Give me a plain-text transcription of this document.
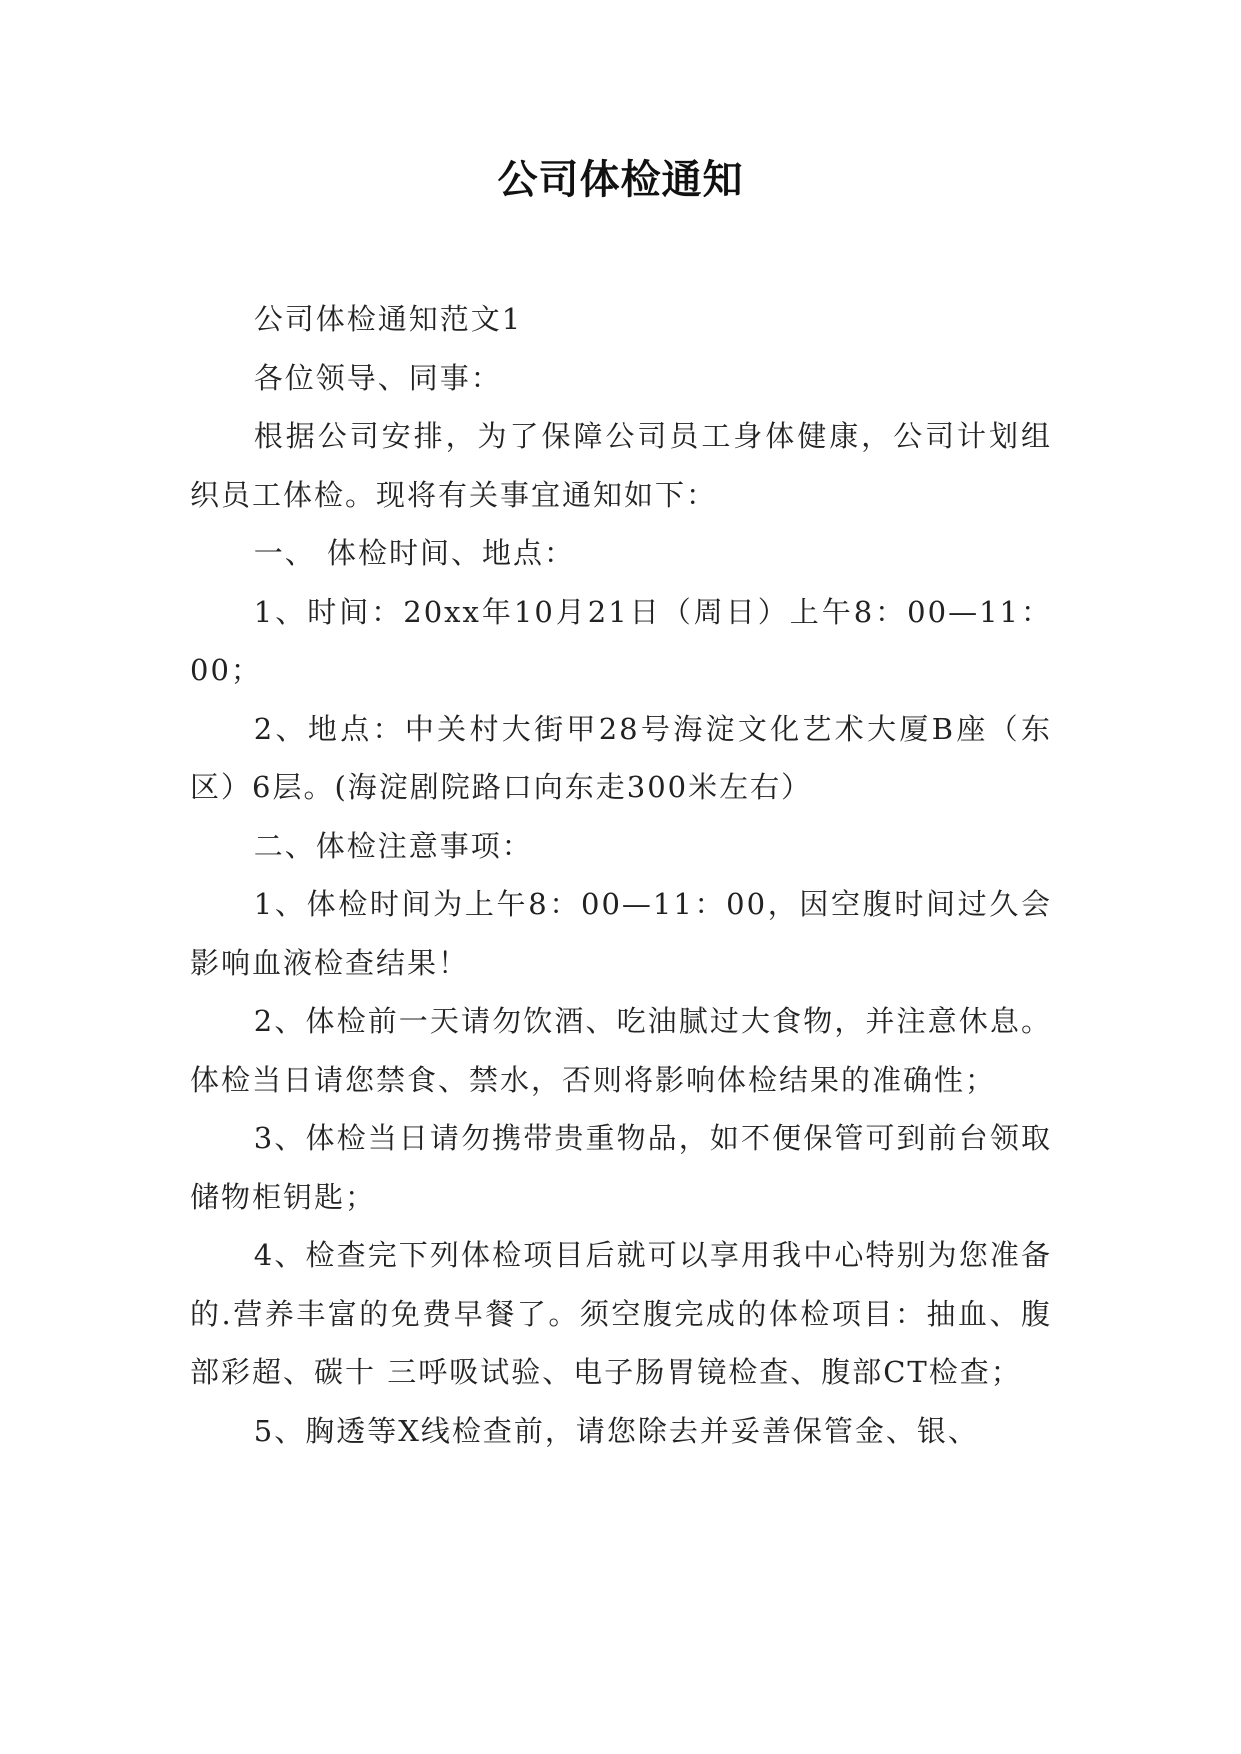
公司体检通知

公司体检通知范文1

各位领导、同事：

根据公司安排，为了保障公司员工身体健康，公司计划组织员工体检。现将有关事宜通知如下：

一、 体检时间、地点：

1、时间：20xx年10月21日（周日）上午8：00—11：00；

2、地点：中关村大街甲28号海淀文化艺术大厦B座（东区）6层。(海淀剧院路口向东走300米左右）

二、体检注意事项：

1、体检时间为上午8：00—11：00，因空腹时间过久会影响血液检查结果！

2、体检前一天请勿饮酒、吃油腻过大食物，并注意休息。体检当日请您禁食、禁水，否则将影响体检结果的准确性；

3、体检当日请勿携带贵重物品，如不便保管可到前台领取储物柜钥匙；

4、检查完下列体检项目后就可以享用我中心特别为您准备的.营养丰富的免费早餐了。须空腹完成的体检项目：抽血、腹部彩超、碳十 三呼吸试验、电子肠胃镜检查、腹部CT检查；

5、胸透等X线检查前，请您除去并妥善保管金、银、
